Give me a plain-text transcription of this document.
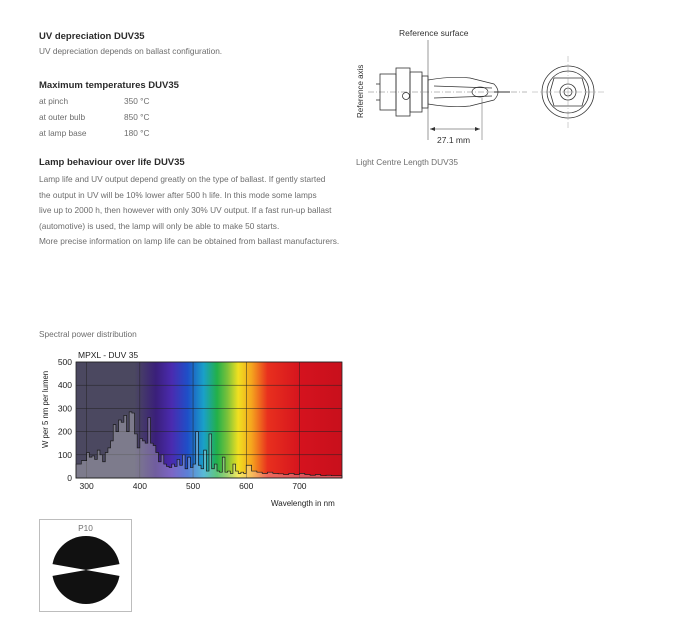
UV depreciation DUV35
UV depreciation depends on ballast configuration.
Maximum temperatures DUV35
at pinch	350 °C
at outer bulb	850 °C
at lamp base	180 °C
Lamp behaviour over life DUV35
Lamp life and UV output depend greatly on the type of ballast. If gently started
the output in UV will be 10% lower after 500 h life. In this mode some lamps
live up to 2000 h, then however with only 30% UV output. If a fast run-up ballast
(automotive) is used, the lamp will only be able to make 50 starts.
More precise information on lamp life can be obtained from ballast manufacturers.
Reference surface
Reference axis
27.1 mm
Light Centre Length DUV35
Spectral power distribution
MPXL - DUV 35
W per 5 nm per lumen
Wavelength in nm
300	400	500	600	700
0
100
200
300
400
500
P10
